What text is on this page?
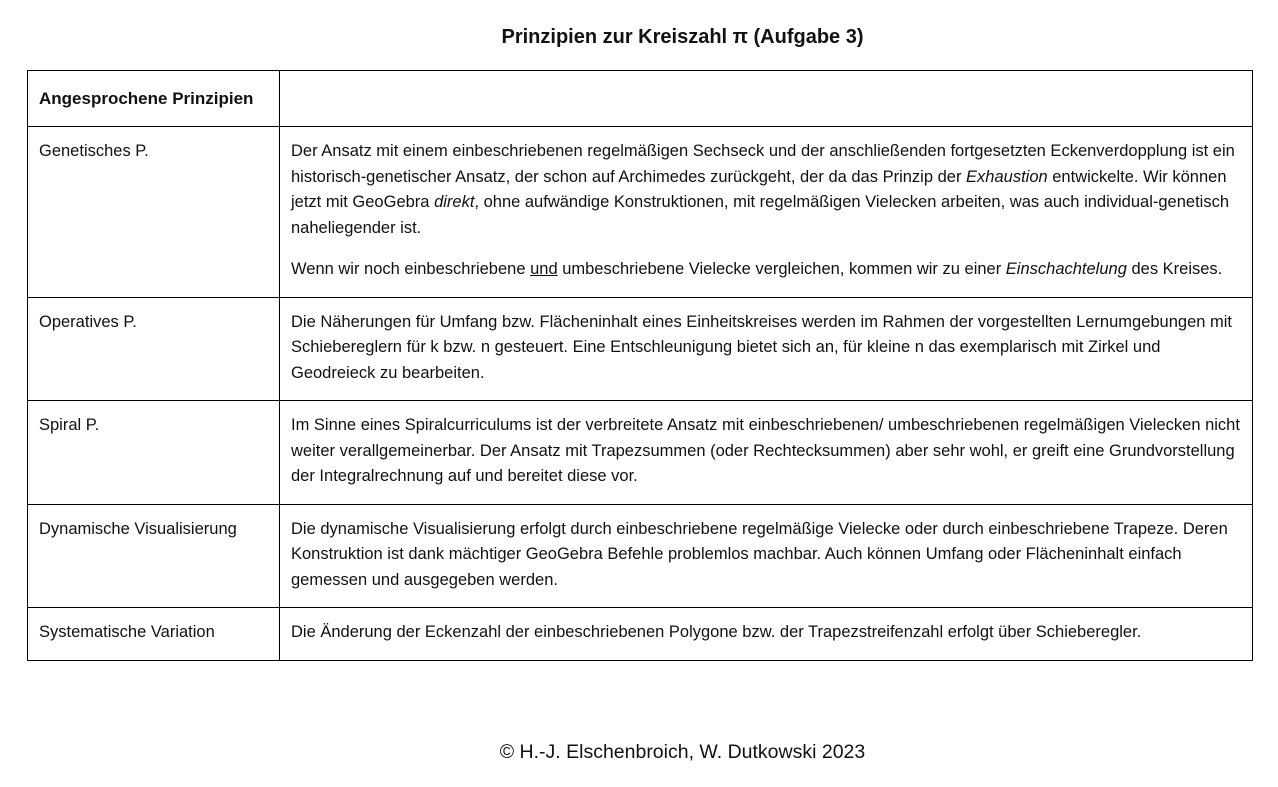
Prinzipien zur Kreiszahl π (Aufgabe 3)
Angesprochene Prinzipien	
Genetisches P.	Der Ansatz mit einem einbeschriebenen regelmäßigen Sechseck und der anschließenden fortgesetzten Eckenverdopplung ist ein historisch-genetischer Ansatz, der schon auf Archimedes zurückgeht, der da das Prinzip der Exhaustion entwickelte. Wir können jetzt mit GeoGebra direkt, ohne aufwändige Konstruktionen, mit regelmäßigen Vielecken arbeiten, was auch individual-genetisch naheliegender ist.

Wenn wir noch einbeschriebene und umbeschriebene Vielecke vergleichen, kommen wir zu einer Einschachtelung des Kreises.

Operatives P.	Die Näherungen für Umfang bzw. Flächeninhalt eines Einheitskreises werden im Rahmen der vorgestellten Lernumgebungen mit Schiebereglern für k bzw. n gesteuert. Eine Entschleunigung bietet sich an, für kleine n das exemplarisch mit Zirkel und Geodreieck zu bearbeiten.

Spiral P.	Im Sinne eines Spiralcurriculums ist der verbreitete Ansatz mit einbeschriebenen/ umbeschriebenen regelmäßigen Vielecken nicht weiter verallgemeinerbar. Der Ansatz mit Trapezsummen (oder Rechtecksummen) aber sehr wohl, er greift eine Grundvorstellung der Integralrechnung auf und bereitet diese vor.

Dynamische Visualisierung	Die dynamische Visualisierung erfolgt durch einbeschriebene regelmäßige Vielecke oder durch einbeschriebene Trapeze. Deren Konstruktion ist dank mächtiger GeoGebra Befehle problemlos machbar. Auch können Umfang oder Flächeninhalt einfach gemessen und ausgegeben werden.

Systematische Variation	Die Änderung der Eckenzahl der einbeschriebenen Polygone bzw. der Trapezstreifenzahl erfolgt über Schieberegler.

© H.-J. Elschenbroich, W. Dutkowski 2023
